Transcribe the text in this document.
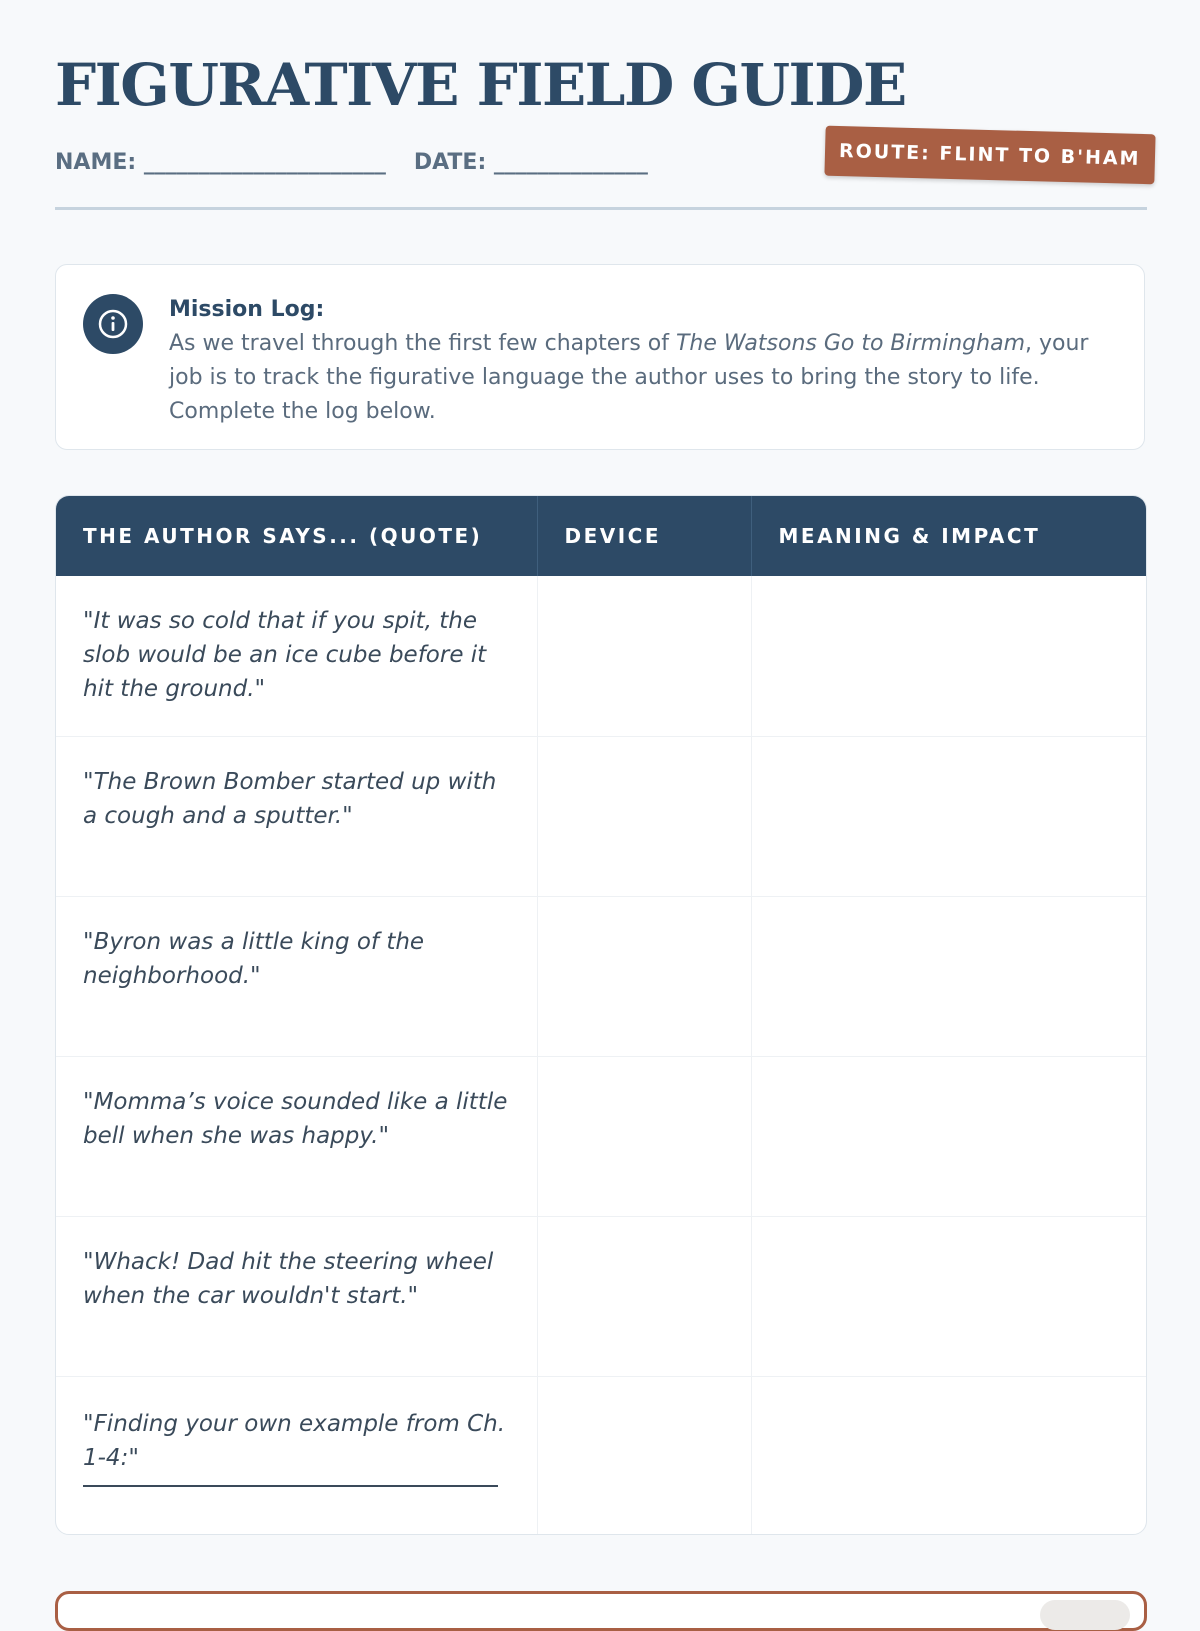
FIGURATIVE FIELD GUIDE
NAME: ______________________ DATE: ______________	ROUTE: FLINT TO B'HAM
Mission Log:
As we travel through the first few chapters of The Watsons Go to Birmingham, your job is to track the figurative language the author uses to bring the story to life. Complete the log below.
THE AUTHOR SAYS... (QUOTE)	DEVICE	MEANING & IMPACT

"It was so cold that if you spit, the slob would be an ice cube before it hit the ground."		

"The Brown Bomber started up with a cough and a sputter."		

"Byron was a little king of the neighborhood."		

"Momma’s voice sounded like a little bell when she was happy."		

"Whack! Dad hit the steering wheel when the car wouldn't start."		

"Finding your own example from Ch. 1-4:"		
